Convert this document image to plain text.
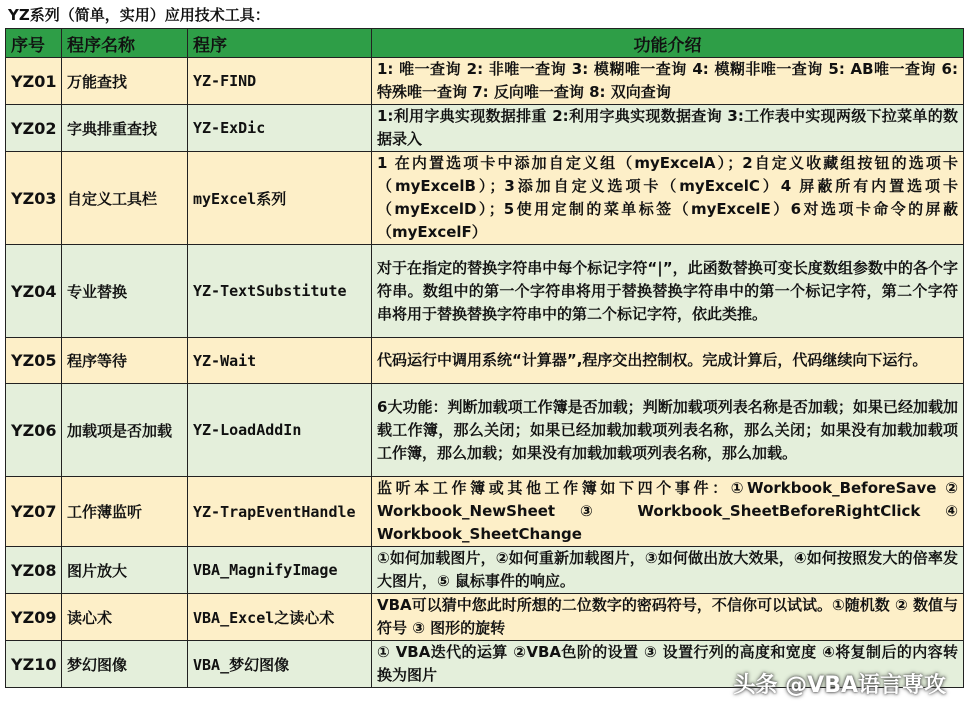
YZ系列（简单，实用）应用技术工具：
序号	程序名称	程序	功能介绍
YZ01	万能查找	YZ-FIND	1: 唯一查询 2: 非唯一查询 3: 模糊唯一查询 4: 模糊非唯一查询 5: AB唯一查询 6: 特殊唯一查询 7: 反向唯一查询 8: 双向查询
YZ02	字典排重查找	YZ-ExDic	1:利用字典实现数据排重 2:利用字典实现数据查询 3:工作表中实现两级下拉菜单的数据录入
YZ03	自定义工具栏	myExcel系列	1 在内置选项卡中添加自定义组（myExcelA）；2自定义收藏组按钮的选项卡（myExcelB）；3添加自定义选项卡（myExcelC）4 屏蔽所有内置选项卡（myExcelD）；5使用定制的菜单标签（myExcelE）6对选项卡命令的屏蔽（myExcelF）
YZ04	专业替换	YZ-TextSubstitute	对于在指定的替换字符串中每个标记字符“|”，此函数替换可变长度数组参数中的各个字符串。数组中的第一个字符串将用于替换替换字符串中的第一个标记字符，第二个字符串将用于替换替换字符串中的第二个标记字符，依此类推。
YZ05	程序等待	YZ-Wait	代码运行中调用系统“计算器”,程序交出控制权。完成计算后，代码继续向下运行。
YZ06	加载项是否加载	YZ-LoadAddIn	6大功能：判断加载项工作簿是否加载；判断加载项列表名称是否加载；如果已经加载加载工作簿，那么关闭；如果已经加载加载项列表名称，那么关闭；如果没有加载加载项工作簿，那么加载；如果没有加载加载项列表名称，那么加载。
YZ07	工作薄监听	YZ-TrapEventHandle	监听本工作簿或其他工作簿如下四个事件：①Workbook_BeforeSave ② Workbook_NewSheet ③ Workbook_SheetBeforeRightClick ④ Workbook_SheetChange
YZ08	图片放大	VBA_MagnifyImage	①如何加载图片，②如何重新加载图片，③如何做出放大效果，④如何按照发大的倍率发大图片，⑤ 鼠标事件的响应。
YZ09	读心术	VBA_Excel之读心术	VBA可以猜中您此时所想的二位数字的密码符号，不信你可以试试。①随机数 ② 数值与符号 ③ 图形的旋转
YZ10	梦幻图像	VBA_梦幻图像	① VBA迭代的运算 ②VBA色阶的设置 ③ 设置行列的高度和宽度 ④将复制后的内容转换为图片	头条 @VBA语言専攻
